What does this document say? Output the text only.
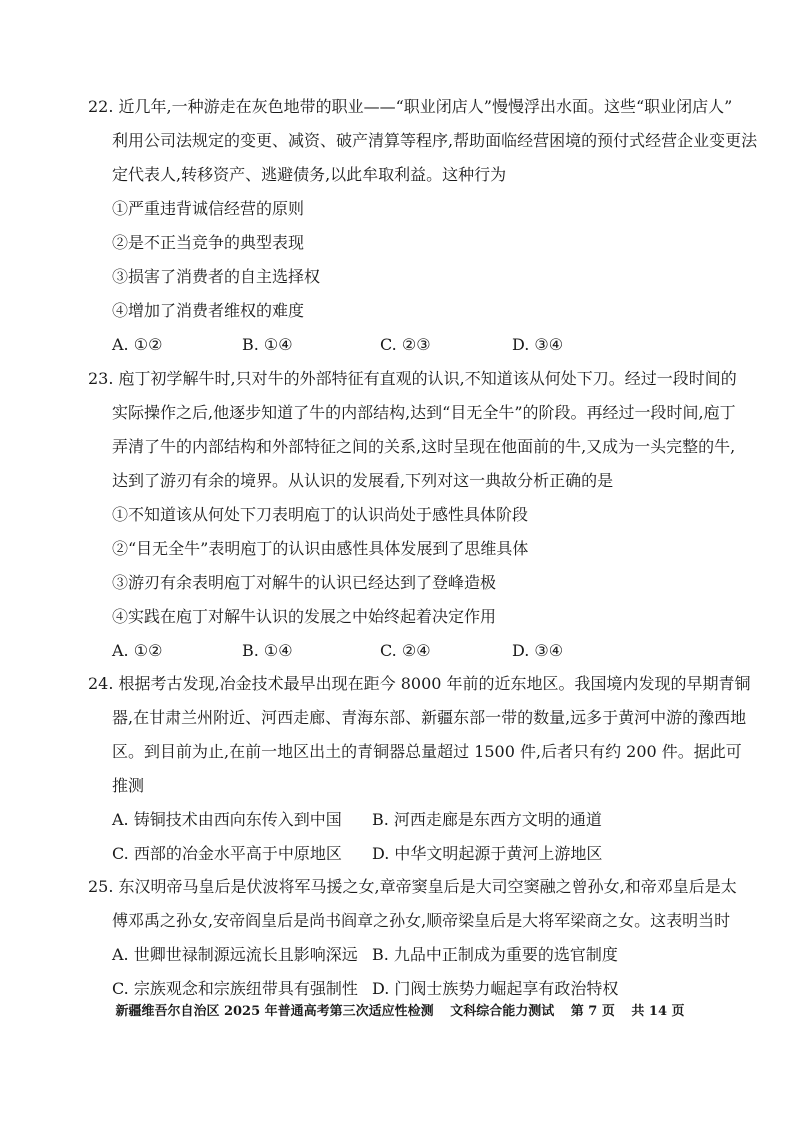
22. 近几年,一种游走在灰色地带的职业——“职业闭店人”慢慢浮出水面。这些“职业闭店人”
利用公司法规定的变更、减资、破产清算等程序,帮助面临经营困境的预付式经营企业变更法
定代表人,转移资产、逃避债务,以此牟取利益。这种行为
①严重违背诚信经营的原则
②是不正当竞争的典型表现
③损害了消费者的自主选择权
④增加了消费者维权的难度
A. ①②	B. ①④	C. ②③	D. ③④
23. 庖丁初学解牛时,只对牛的外部特征有直观的认识,不知道该从何处下刀。经过一段时间的
实际操作之后,他逐步知道了牛的内部结构,达到“目无全牛”的阶段。再经过一段时间,庖丁
弄清了牛的内部结构和外部特征之间的关系,这时呈现在他面前的牛,又成为一头完整的牛,
达到了游刃有余的境界。从认识的发展看,下列对这一典故分析正确的是
①不知道该从何处下刀表明庖丁的认识尚处于感性具体阶段
②“目无全牛”表明庖丁的认识由感性具体发展到了思维具体
③游刃有余表明庖丁对解牛的认识已经达到了登峰造极
④实践在庖丁对解牛认识的发展之中始终起着决定作用
A. ①②	B. ①④	C. ②④	D. ③④
24. 根据考古发现,冶金技术最早出现在距今 8000 年前的近东地区。我国境内发现的早期青铜
器,在甘肃兰州附近、河西走廊、青海东部、新疆东部一带的数量,远多于黄河中游的豫西地
区。到目前为止,在前一地区出土的青铜器总量超过 1500 件,后者只有约 200 件。据此可
推测
A. 铸铜技术由西向东传入到中国 B. 河西走廊是东西方文明的通道
C. 西部的冶金水平高于中原地区 D. 中华文明起源于黄河上游地区
25. 东汉明帝马皇后是伏波将军马援之女,章帝窦皇后是大司空窦融之曾孙女,和帝邓皇后是太
傅邓禹之孙女,安帝阎皇后是尚书阎章之孙女,顺帝梁皇后是大将军梁商之女。这表明当时
A. 世卿世禄制源远流长且影响深远 B. 九品中正制成为重要的选官制度
C. 宗族观念和宗族纽带具有强制性 D. 门阀士族势力崛起享有政治特权
新疆维吾尔自治区 2025 年普通高考第三次适应性检测 文科综合能力测试 第 7 页 共 14 页
